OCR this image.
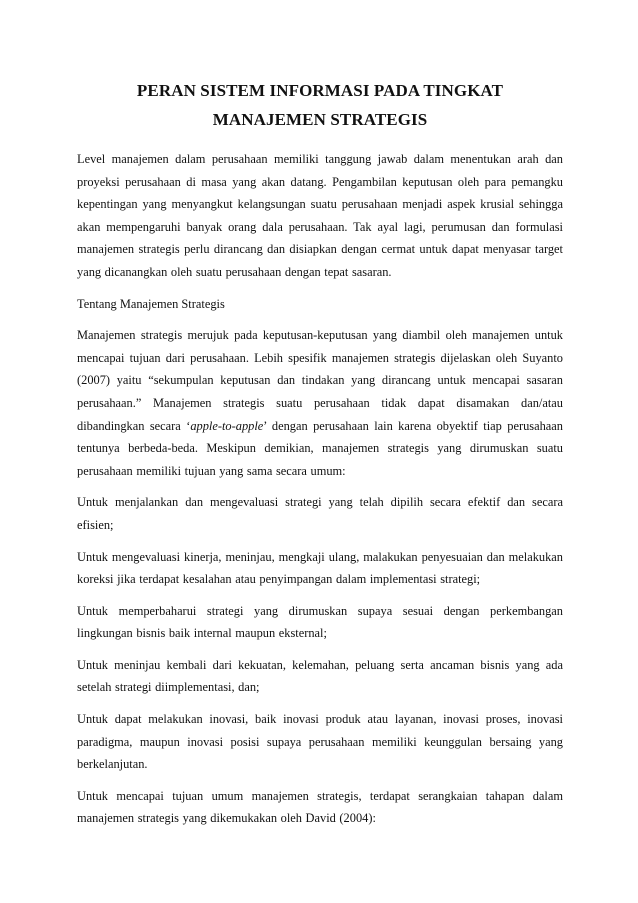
PERAN SISTEM INFORMASI PADA TINGKAT
MANAJEMEN STRATEGIS

Level manajemen dalam perusahaan memiliki tanggung jawab dalam menentukan arah dan proyeksi perusahaan di masa yang akan datang. Pengambilan keputusan oleh para pemangku kepentingan yang menyangkut kelangsungan suatu perusahaan menjadi aspek krusial sehingga akan mempengaruhi banyak orang dala perusahaan. Tak ayal lagi, perumusan dan formulasi manajemen strategis perlu dirancang dan disiapkan dengan cermat untuk dapat menyasar target yang dicanangkan oleh suatu perusahaan dengan tepat sasaran.

Tentang Manajemen Strategis

Manajemen strategis merujuk pada keputusan-keputusan yang diambil oleh manajemen untuk mencapai tujuan dari perusahaan. Lebih spesifik manajemen strategis dijelaskan oleh Suyanto (2007) yaitu “sekumpulan keputusan dan tindakan yang dirancang untuk mencapai sasaran perusahaan.” Manajemen strategis suatu perusahaan tidak dapat disamakan dan/atau dibandingkan secara ‘apple-to-apple’ dengan perusahaan lain karena obyektif tiap perusahaan tentunya berbeda-beda. Meskipun demikian, manajemen strategis yang dirumuskan suatu perusahaan memiliki tujuan yang sama secara umum:

Untuk menjalankan dan mengevaluasi strategi yang telah dipilih secara efektif dan secara efisien;

Untuk mengevaluasi kinerja, meninjau, mengkaji ulang, malakukan penyesuaian dan melakukan koreksi jika terdapat kesalahan atau penyimpangan dalam implementasi strategi;

Untuk memperbaharui strategi yang dirumuskan supaya sesuai dengan perkembangan lingkungan bisnis baik internal maupun eksternal;

Untuk meninjau kembali dari kekuatan, kelemahan, peluang serta ancaman bisnis yang ada setelah strategi diimplementasi, dan;

Untuk dapat melakukan inovasi, baik inovasi produk atau layanan, inovasi proses, inovasi paradigma, maupun inovasi posisi supaya perusahaan memiliki keunggulan bersaing yang berkelanjutan.

Untuk mencapai tujuan umum manajemen strategis, terdapat serangkaian tahapan dalam manajemen strategis yang dikemukakan oleh David (2004):
